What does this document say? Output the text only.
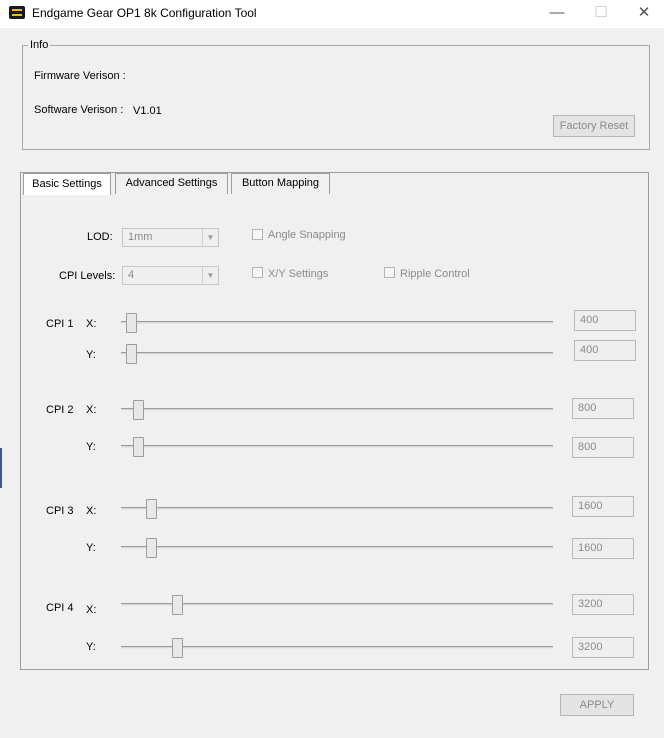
Endgame Gear OP1 8k Configuration Tool	—	☐	✕
Info
Firmware Verison :
Software Verison : V1.01
Factory Reset
Basic Settings	Advanced Settings	Button Mapping
LOD:	1mm	▼	Angle Snapping
CPI Levels:	4	▼	X/Y Settings	Ripple Control
CPI 1 X:	400
Y:	400
CPI 2 X:	800
Y:	800
CPI 3 X:	1600
Y:	1600
CPI 4 X:	3200
Y:	3200
APPLY
